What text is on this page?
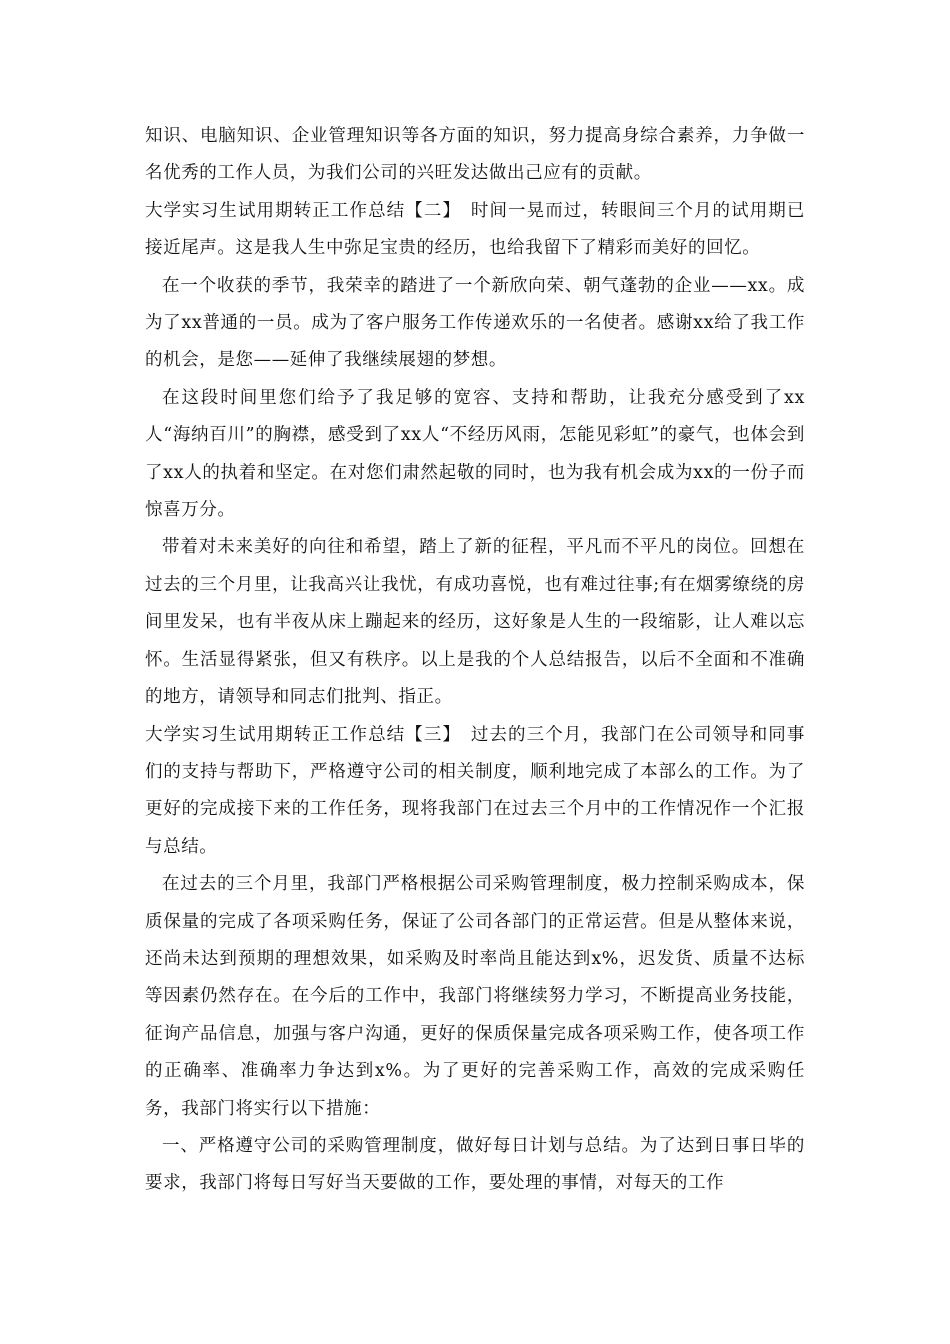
知识、电脑知识、企业管理知识等各方面的知识，努力提高身综合素养，力争做一名优秀的工作人员，为我们公司的兴旺发达做出己应有的贡献。

大学实习生试用期转正工作总结【二】　时间一晃而过，转眼间三个月的试用期已接近尾声。这是我人生中弥足宝贵的经历，也给我留下了精彩而美好的回忆。

在一个收获的季节，我荣幸的踏进了一个新欣向荣、朝气蓬勃的企业——xx。成为了xx普通的一员。成为了客户服务工作传递欢乐的一名使者。感谢xx给了我工作的机会，是您——延伸了我继续展翅的梦想。

在这段时间里您们给予了我足够的宽容、支持和帮助，让我充分感受到了xx人“海纳百川”的胸襟，感受到了xx人“不经历风雨，怎能见彩虹”的豪气，也体会到了xx人的执着和坚定。在对您们肃然起敬的同时，也为我有机会成为xx的一份子而惊喜万分。

带着对未来美好的向往和希望，踏上了新的征程，平凡而不平凡的岗位。回想在过去的三个月里，让我高兴让我忧，有成功喜悦，也有难过往事;有在烟雾缭绕的房间里发呆，也有半夜从床上蹦起来的经历，这好象是人生的一段缩影，让人难以忘怀。生活显得紧张，但又有秩序。以上是我的个人总结报告，以后不全面和不准确的地方，请领导和同志们批判、指正。

大学实习生试用期转正工作总结【三】　过去的三个月，我部门在公司领导和同事们的支持与帮助下，严格遵守公司的相关制度，顺利地完成了本部么的工作。为了更好的完成接下来的工作任务，现将我部门在过去三个月中的工作情况作一个汇报与总结。

在过去的三个月里，我部门严格根据公司采购管理制度，极力控制采购成本，保质保量的完成了各项采购任务，保证了公司各部门的正常运营。但是从整体来说，还尚未达到预期的理想效果，如采购及时率尚且能达到x%，迟发货、质量不达标等因素仍然存在。在今后的工作中，我部门将继续努力学习，不断提高业务技能，征询产品信息，加强与客户沟通，更好的保质保量完成各项采购工作，使各项工作的正确率、准确率力争达到x%。为了更好的完善采购工作，高效的完成采购任务，我部门将实行以下措施：

一、严格遵守公司的采购管理制度，做好每日计划与总结。为了达到日事日毕的要求，我部门将每日写好当天要做的工作，要处理的事情，对每天的工作
